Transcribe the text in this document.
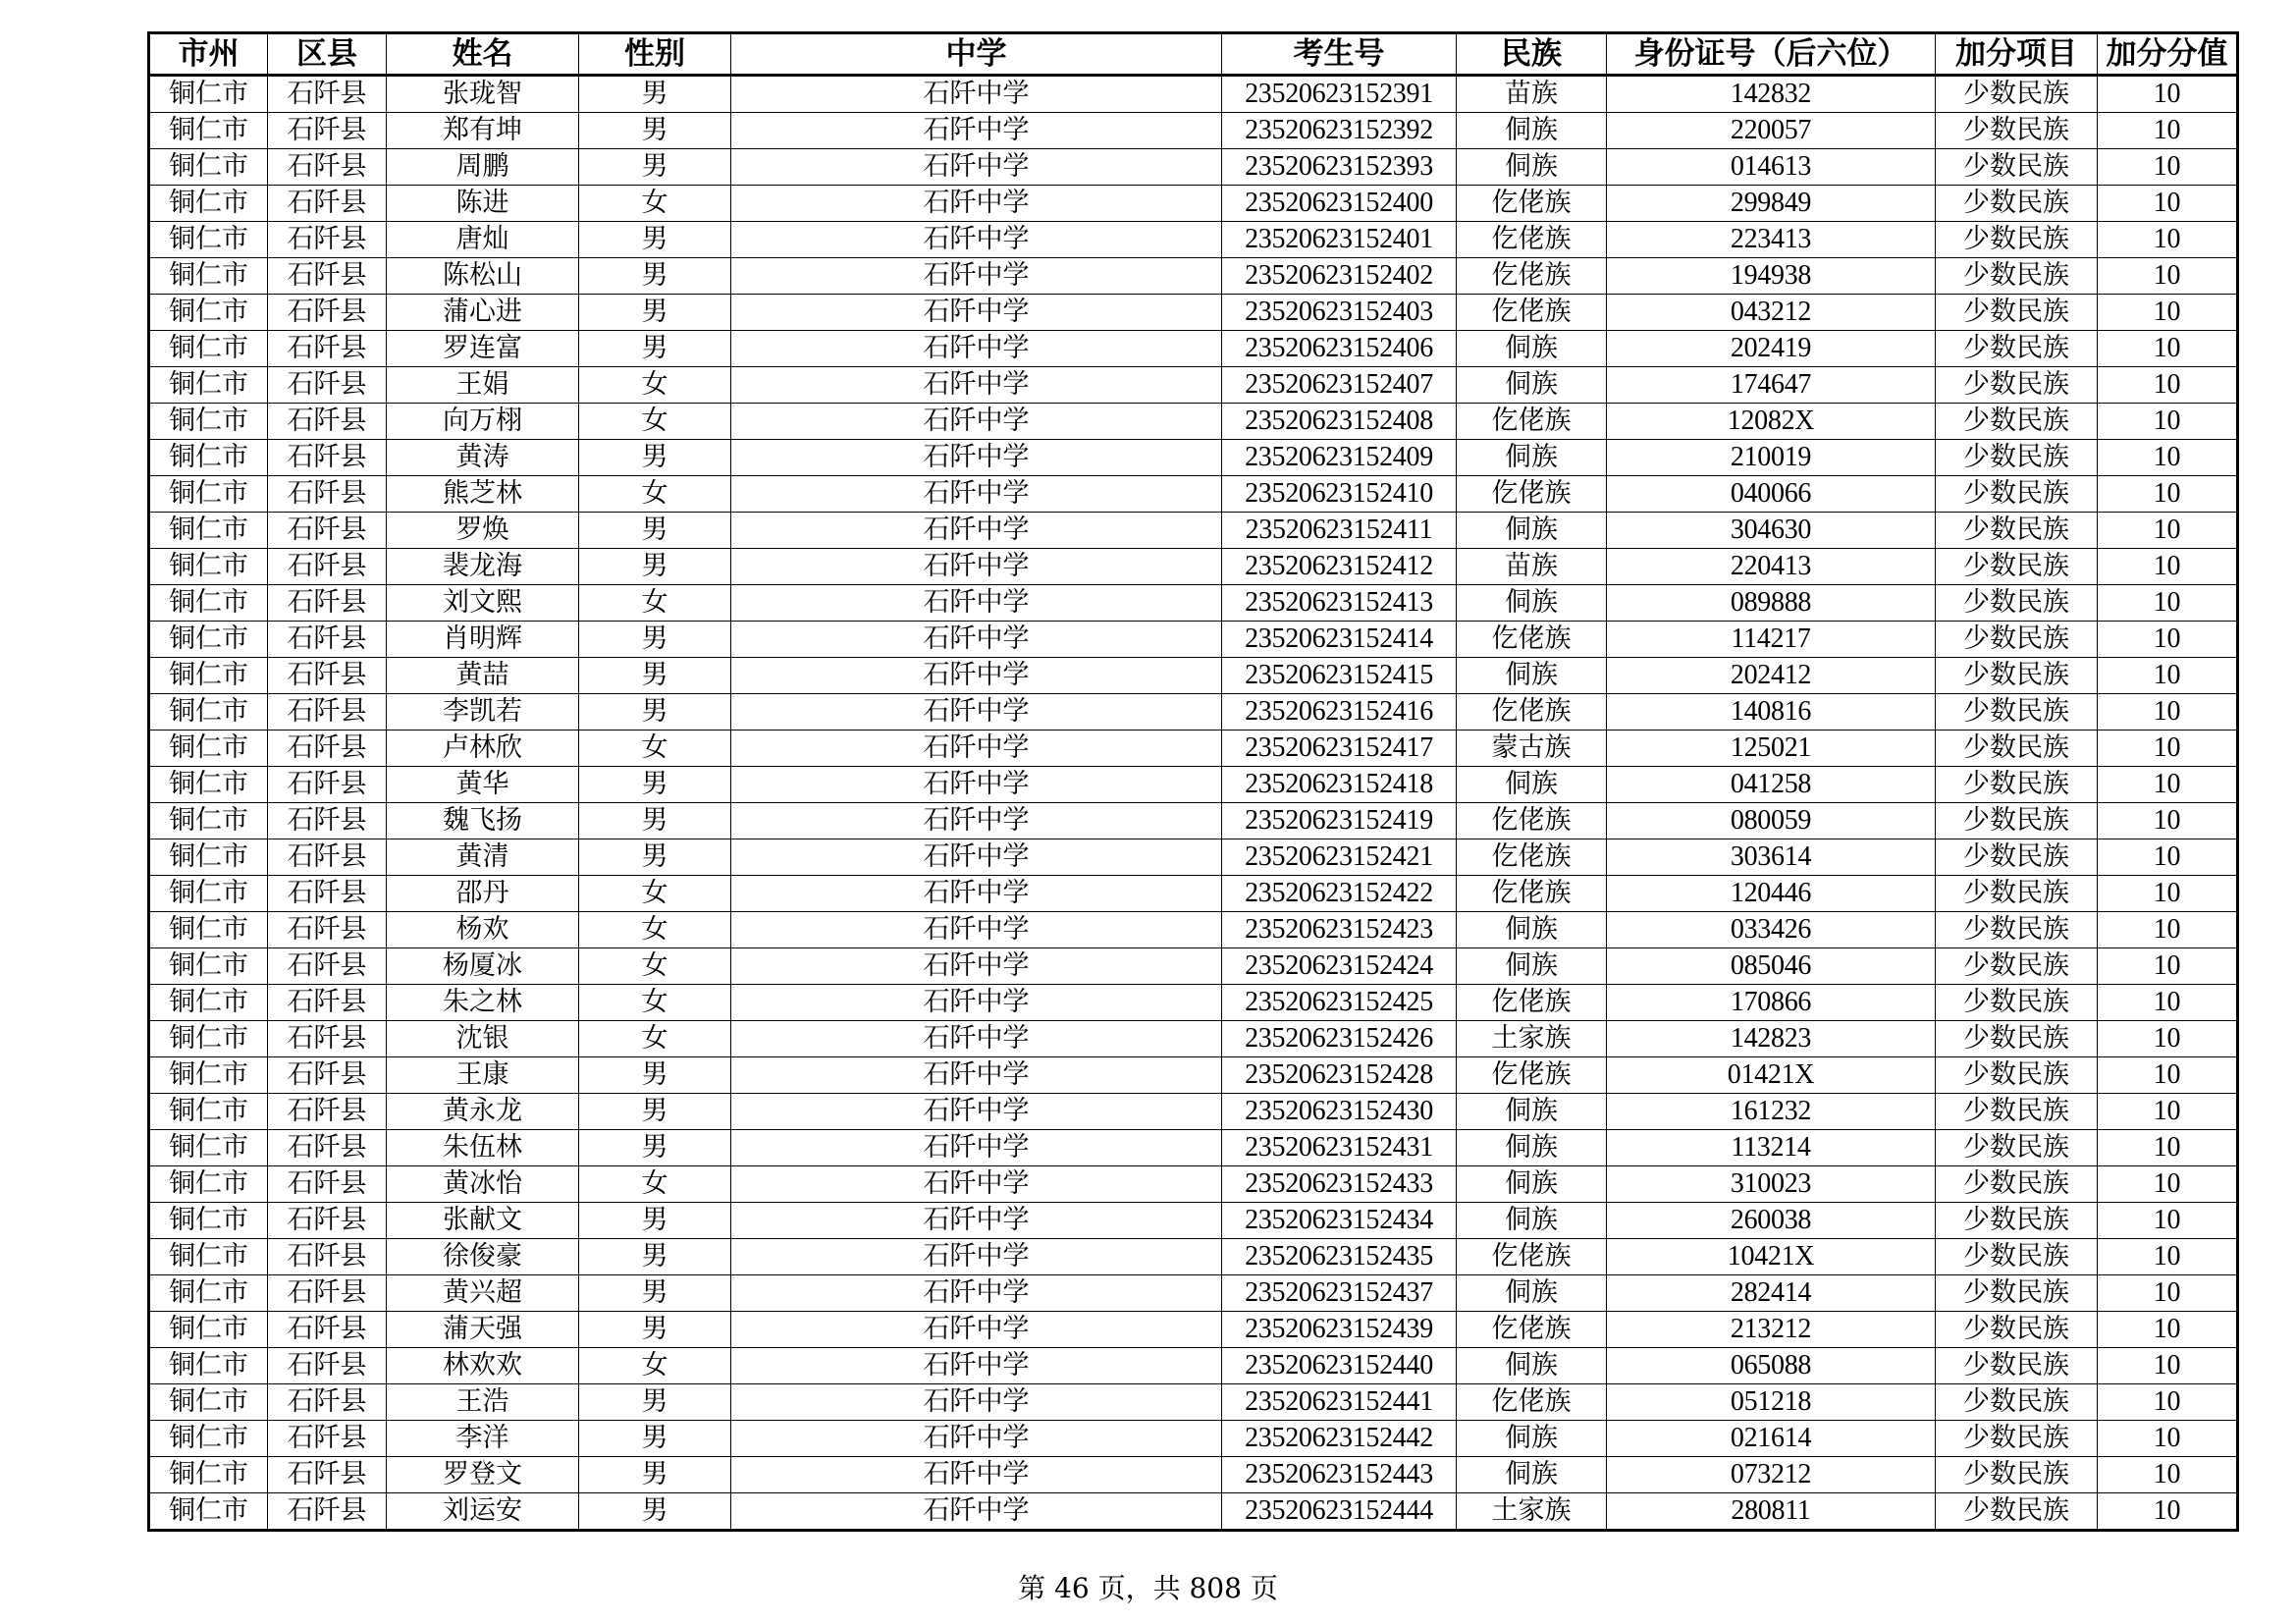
市州	区县	姓名	性别	中学	考生号	民族	身份证号（后六位）	加分项目	加分分值
铜仁市	石阡县	张珑智	男	石阡中学	23520623152391	苗族	142832	少数民族	10
铜仁市	石阡县	郑有坤	男	石阡中学	23520623152392	侗族	220057	少数民族	10
铜仁市	石阡县	周鹏	男	石阡中学	23520623152393	侗族	014613	少数民族	10
铜仁市	石阡县	陈进	女	石阡中学	23520623152400	仡佬族	299849	少数民族	10
铜仁市	石阡县	唐灿	男	石阡中学	23520623152401	仡佬族	223413	少数民族	10
铜仁市	石阡县	陈松山	男	石阡中学	23520623152402	仡佬族	194938	少数民族	10
铜仁市	石阡县	蒲心进	男	石阡中学	23520623152403	仡佬族	043212	少数民族	10
铜仁市	石阡县	罗连富	男	石阡中学	23520623152406	侗族	202419	少数民族	10
铜仁市	石阡县	王娟	女	石阡中学	23520623152407	侗族	174647	少数民族	10
铜仁市	石阡县	向万栩	女	石阡中学	23520623152408	仡佬族	12082X	少数民族	10
铜仁市	石阡县	黄涛	男	石阡中学	23520623152409	侗族	210019	少数民族	10
铜仁市	石阡县	熊芝林	女	石阡中学	23520623152410	仡佬族	040066	少数民族	10
铜仁市	石阡县	罗焕	男	石阡中学	23520623152411	侗族	304630	少数民族	10
铜仁市	石阡县	裴龙海	男	石阡中学	23520623152412	苗族	220413	少数民族	10
铜仁市	石阡县	刘文熙	女	石阡中学	23520623152413	侗族	089888	少数民族	10
铜仁市	石阡县	肖明辉	男	石阡中学	23520623152414	仡佬族	114217	少数民族	10
铜仁市	石阡县	黄喆	男	石阡中学	23520623152415	侗族	202412	少数民族	10
铜仁市	石阡县	李凯若	男	石阡中学	23520623152416	仡佬族	140816	少数民族	10
铜仁市	石阡县	卢林欣	女	石阡中学	23520623152417	蒙古族	125021	少数民族	10
铜仁市	石阡县	黄华	男	石阡中学	23520623152418	侗族	041258	少数民族	10
铜仁市	石阡县	魏飞扬	男	石阡中学	23520623152419	仡佬族	080059	少数民族	10
铜仁市	石阡县	黄清	男	石阡中学	23520623152421	仡佬族	303614	少数民族	10
铜仁市	石阡县	邵丹	女	石阡中学	23520623152422	仡佬族	120446	少数民族	10
铜仁市	石阡县	杨欢	女	石阡中学	23520623152423	侗族	033426	少数民族	10
铜仁市	石阡县	杨厦冰	女	石阡中学	23520623152424	侗族	085046	少数民族	10
铜仁市	石阡县	朱之林	女	石阡中学	23520623152425	仡佬族	170866	少数民族	10
铜仁市	石阡县	沈银	女	石阡中学	23520623152426	土家族	142823	少数民族	10
铜仁市	石阡县	王康	男	石阡中学	23520623152428	仡佬族	01421X	少数民族	10
铜仁市	石阡县	黄永龙	男	石阡中学	23520623152430	侗族	161232	少数民族	10
铜仁市	石阡县	朱伍林	男	石阡中学	23520623152431	侗族	113214	少数民族	10
铜仁市	石阡县	黄冰怡	女	石阡中学	23520623152433	侗族	310023	少数民族	10
铜仁市	石阡县	张献文	男	石阡中学	23520623152434	侗族	260038	少数民族	10
铜仁市	石阡县	徐俊豪	男	石阡中学	23520623152435	仡佬族	10421X	少数民族	10
铜仁市	石阡县	黄兴超	男	石阡中学	23520623152437	侗族	282414	少数民族	10
铜仁市	石阡县	蒲天强	男	石阡中学	23520623152439	仡佬族	213212	少数民族	10
铜仁市	石阡县	林欢欢	女	石阡中学	23520623152440	侗族	065088	少数民族	10
铜仁市	石阡县	王浩	男	石阡中学	23520623152441	仡佬族	051218	少数民族	10
铜仁市	石阡县	李洋	男	石阡中学	23520623152442	侗族	021614	少数民族	10
铜仁市	石阡县	罗登文	男	石阡中学	23520623152443	侗族	073212	少数民族	10
铜仁市	石阡县	刘运安	男	石阡中学	23520623152444	土家族	280811	少数民族	10
第 46 页，共 808 页
